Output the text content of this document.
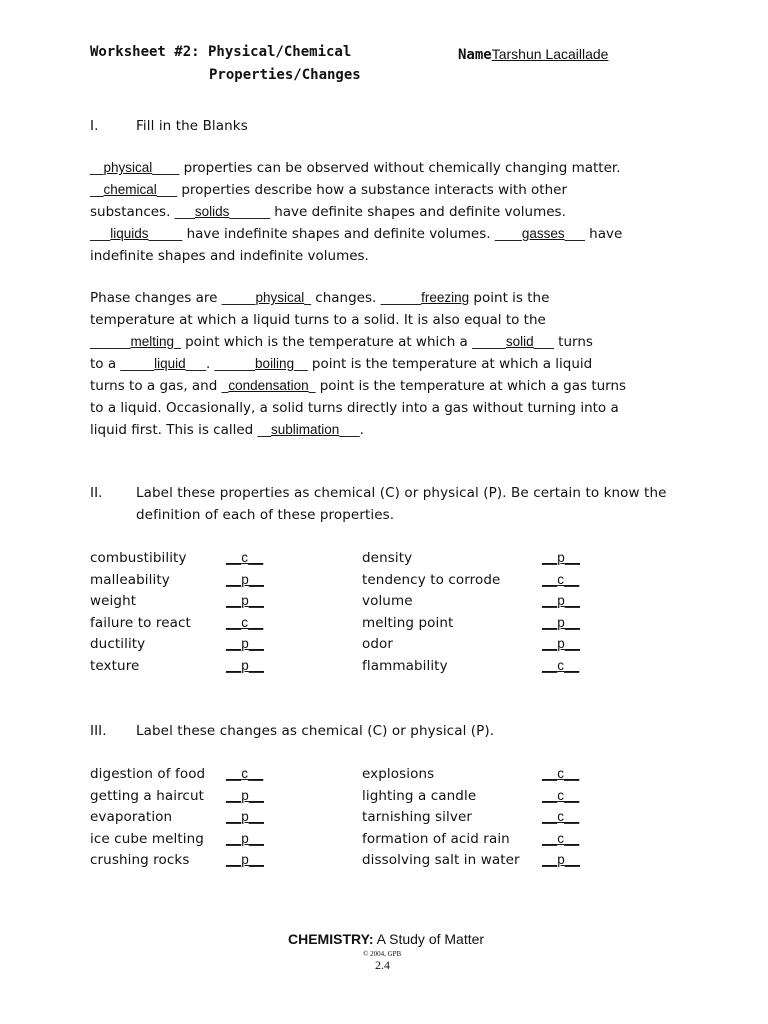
Worksheet #2: Physical/Chemical
Properties/Changes
NameTarshun Lacaillade
I.	Fill in the Blanks
__physical____ properties can be observed without chemically changing matter.
__chemical___ properties describe how a substance interacts with other
substances. ___solids______ have definite shapes and definite volumes.
___liquids_____ have indefinite shapes and definite volumes. ____gasses___ have
indefinite shapes and indefinite volumes.
Phase changes are _____physical_ changes. ______freezing point is the
temperature at which a liquid turns to a solid. It is also equal to the
______melting_ point which is the temperature at which a _____solid___ turns
to a _____liquid___. ______boiling__ point is the temperature at which a liquid
turns to a gas, and _condensation_ point is the temperature at which a gas turns
to a liquid. Occasionally, a solid turns directly into a gas without turning into a
liquid first. This is called __sublimation___.
II. Label these properties as chemical (C) or physical (P). Be certain to know the
definition of each of these properties.
combustibility	__c__	density	__p__
malleability	__p__	tendency to corrode	__c__
weight	__p__	volume	__p__
failure to react	__c__	melting point	__p__
ductility	__p__	odor	__p__
texture	__p__	flammability	__c__
III. Label these changes as chemical (C) or physical (P).
digestion of food __c__	explosions	__c__
getting a haircut __p__	lighting a candle	__c__
evaporation	__p__	tarnishing silver	__c__
ice cube melting __p__	formation of acid rain __c__
crushing rocks	__p__	dissolving salt in water __p__
CHEMISTRY: A Study of Matter
© 2004, GPB
2.4
